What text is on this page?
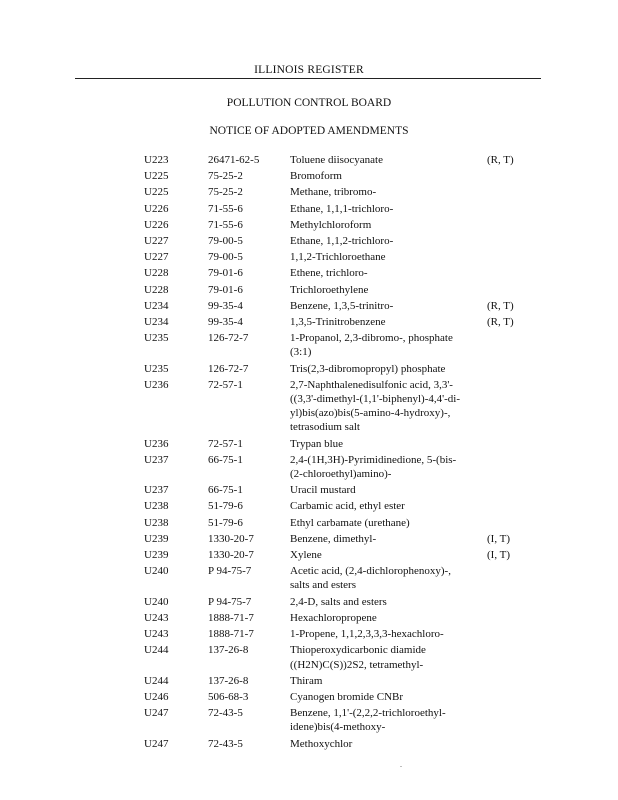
ILLINOIS REGISTER
POLLUTION CONTROL BOARD
NOTICE OF ADOPTED AMENDMENTS
U223	26471-62-5	Toluene diisocyanate	(R, T)
U225	75-25-2	Bromoform
U225	75-25-2	Methane, tribromo-
U226	71-55-6	Ethane, 1,1,1-trichloro-
U226	71-55-6	Methylchloroform
U227	79-00-5	Ethane, 1,1,2-trichloro-
U227	79-00-5	1,1,2-Trichloroethane
U228	79-01-6	Ethene, trichloro-
U228	79-01-6	Trichloroethylene
U234	99-35-4	Benzene, 1,3,5-trinitro-	(R, T)
U234	99-35-4	1,3,5-Trinitrobenzene	(R, T)
U235	126-72-7	1-Propanol, 2,3-dibromo-, phosphate
(3:1)
U235	126-72-7	Tris(2,3-dibromopropyl) phosphate
U236	72-57-1	2,7-Naphthalenedisulfonic acid, 3,3'-
((3,3'-dimethyl-(1,1'-biphenyl)-4,4'-di-
yl)bis(azo)bis(5-amino-4-hydroxy)-,
tetrasodium salt
U236	72-57-1	Trypan blue
U237	66-75-1	2,4-(1H,3H)-Pyrimidinedione, 5-(bis-
(2-chloroethyl)amino)-
U237	66-75-1	Uracil mustard
U238	51-79-6	Carbamic acid, ethyl ester
U238	51-79-6	Ethyl carbamate (urethane)
U239	1330-20-7	Benzene, dimethyl-	(I, T)
U239	1330-20-7	Xylene	(I, T)
U240	P 94-75-7	Acetic acid, (2,4-dichlorophenoxy)-,
salts and esters
U240	P 94-75-7	2,4-D, salts and esters
U243	1888-71-7	Hexachloropropene
U243	1888-71-7	1-Propene, 1,1,2,3,3,3-hexachloro-
U244	137-26-8	Thioperoxydicarbonic diamide
((H2N)C(S))2S2, tetramethyl-
U244	137-26-8	Thiram
U246	506-68-3	Cyanogen bromide CNBr
U247	72-43-5	Benzene, 1,1'-(2,2,2-trichloroethyl-
idene)bis(4-methoxy-
U247	72-43-5	Methoxychlor
.
